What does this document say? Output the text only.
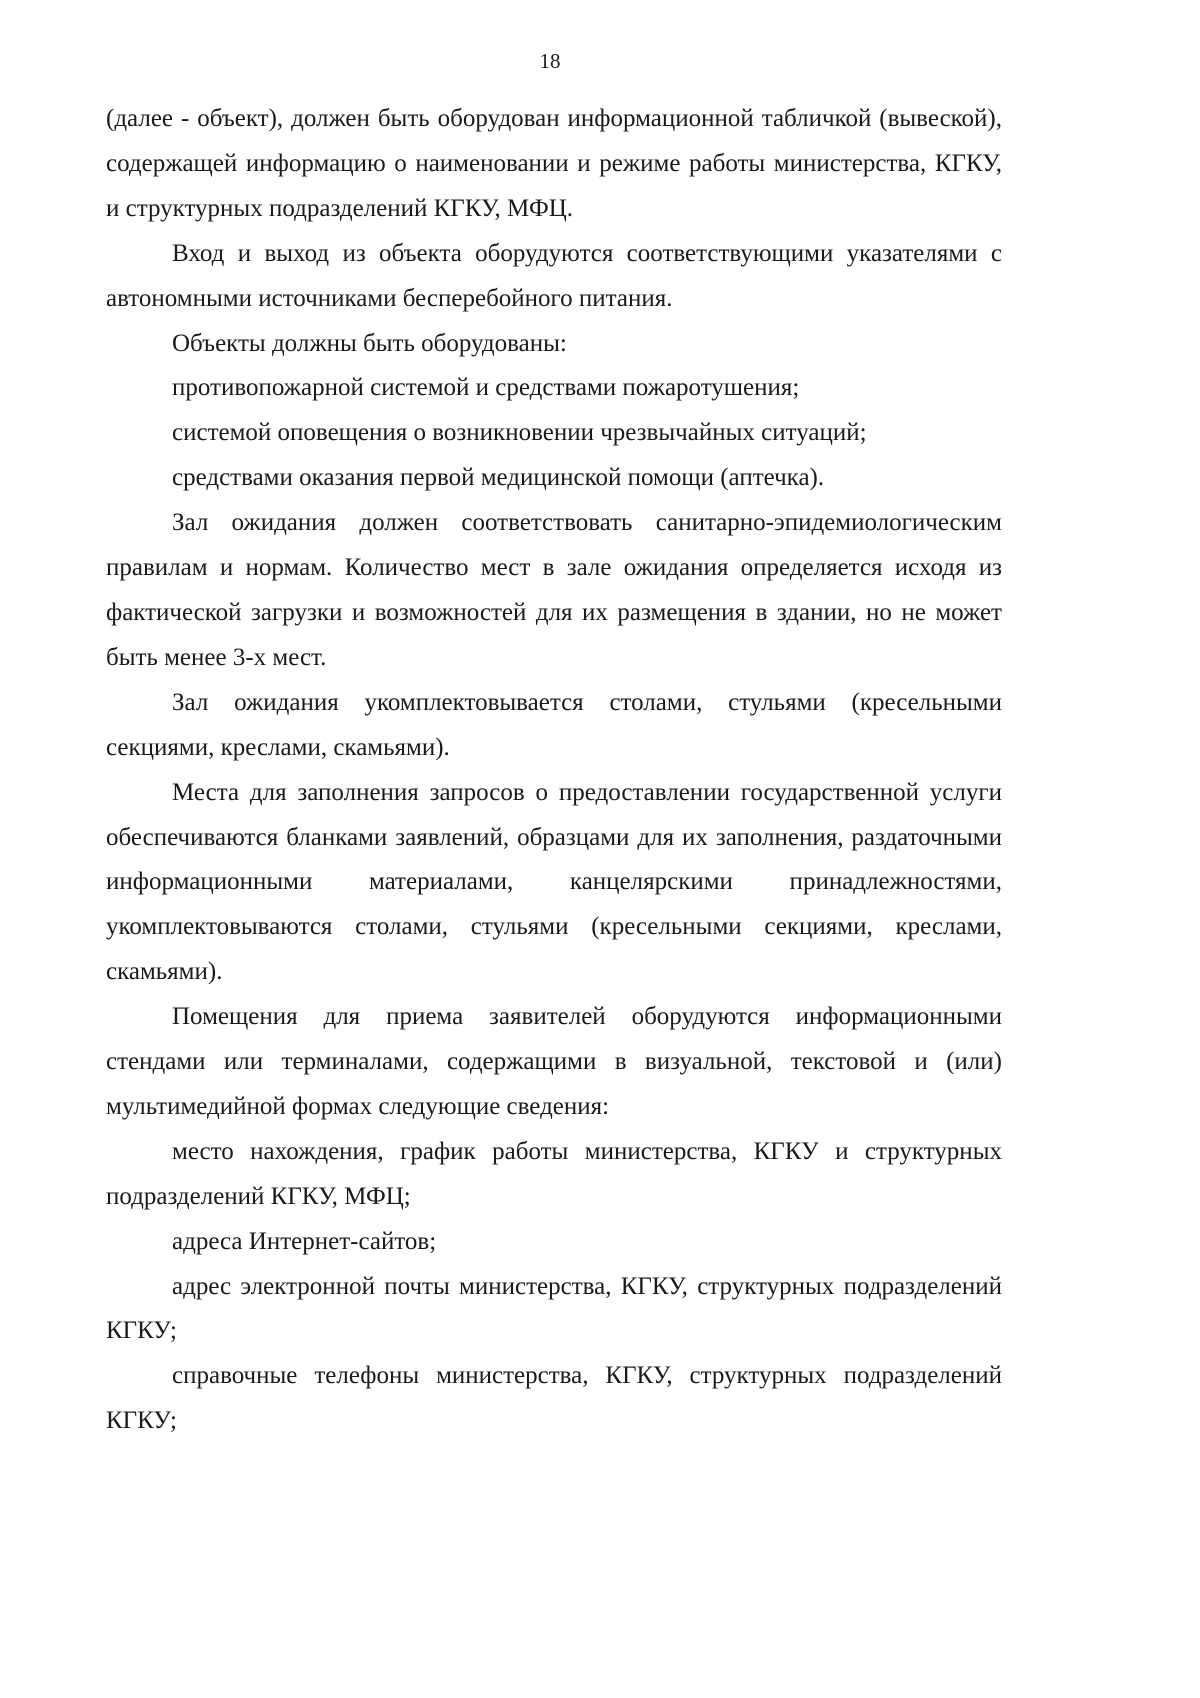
18

(далее - объект), должен быть оборудован информационной табличкой (вывеской), содержащей информацию о наименовании и режиме работы министерства, КГКУ, и структурных подразделений КГКУ, МФЦ.

Вход и выход из объекта оборудуются соответствующими указателями с автономными источниками бесперебойного питания.

Объекты должны быть оборудованы:

противопожарной системой и средствами пожаротушения;

системой оповещения о возникновении чрезвычайных ситуаций;

средствами оказания первой медицинской помощи (аптечка).

Зал ожидания должен соответствовать санитарно-эпидемиологическим правилам и нормам. Количество мест в зале ожидания определяется исходя из фактической загрузки и возможностей для их размещения в здании, но не может быть менее 3-х мест.

Зал ожидания укомплектовывается столами, стульями (кресельными секциями, креслами, скамьями).

Места для заполнения запросов о предоставлении государственной услуги обеспечиваются бланками заявлений, образцами для их заполнения, раздаточными информационными материалами, канцелярскими принадлежностями, укомплектовываются столами, стульями (кресельными секциями, креслами, скамьями).

Помещения для приема заявителей оборудуются информационными стендами или терминалами, содержащими в визуальной, текстовой и (или) мультимедийной формах следующие сведения:

место нахождения, график работы министерства, КГКУ и структурных подразделений КГКУ, МФЦ;

адреса Интернет-сайтов;

адрес электронной почты министерства, КГКУ, структурных подразделений КГКУ;

справочные телефоны министерства, КГКУ, структурных подразделений КГКУ;
